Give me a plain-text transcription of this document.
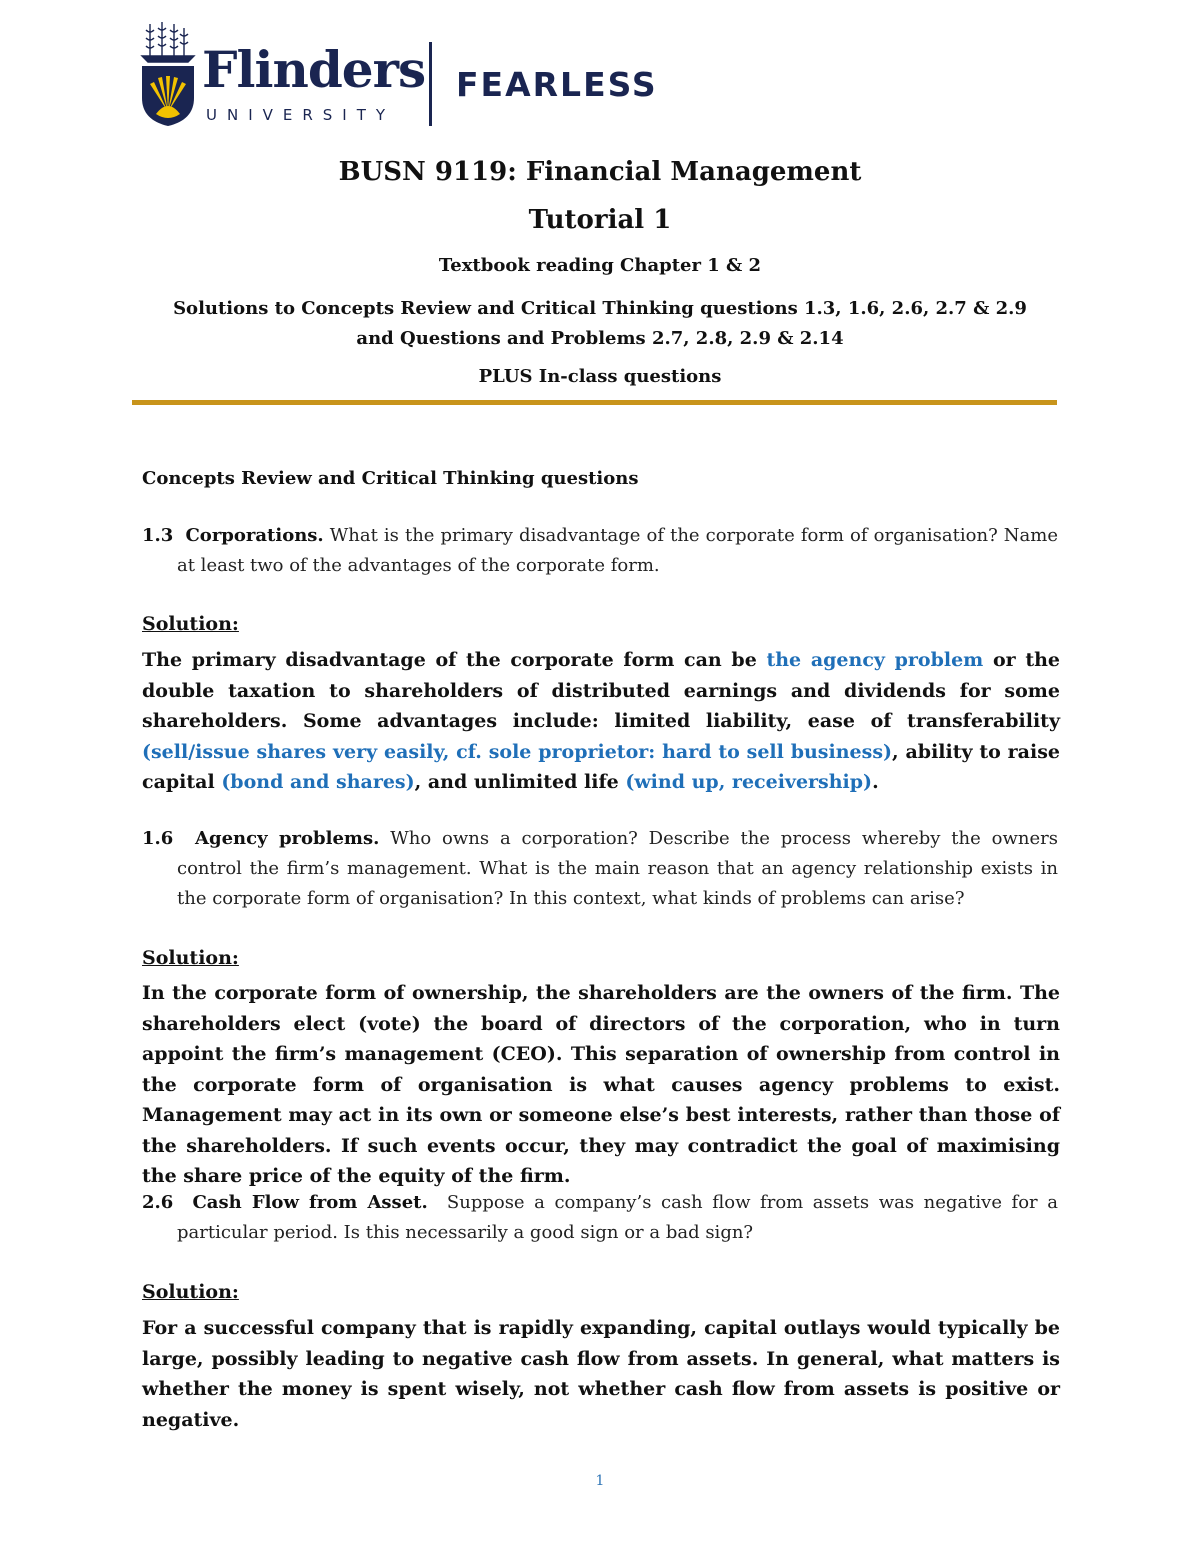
Flinders
UNIVERSITY
FEARLESS
BUSN 9119: Financial Management
Tutorial 1
Textbook reading Chapter 1 & 2
Solutions to Concepts Review and Critical Thinking questions 1.3, 1.6, 2.6, 2.7 & 2.9
and Questions and Problems 2.7, 2.8, 2.9 & 2.14
PLUS In-class questions
Concepts Review and Critical Thinking questions
1.3 Corporations. What is the primary disadvantage of the corporate form of organisation? Name at least two of the advantages of the corporate form.
Solution:
The primary disadvantage of the corporate form can be the agency problem or the double taxation to shareholders of distributed earnings and dividends for some shareholders. Some advantages include: limited liability, ease of transferability (sell/issue shares very easily, cf. sole proprietor: hard to sell business), ability to raise capital (bond and shares), and unlimited life (wind up, receivership).
1.6 Agency problems. Who owns a corporation? Describe the process whereby the owners control the firm’s management. What is the main reason that an agency relationship exists in the corporate form of organisation? In this context, what kinds of problems can arise?
Solution:
In the corporate form of ownership, the shareholders are the owners of the firm. The shareholders elect (vote) the board of directors of the corporation, who in turn appoint the firm’s management (CEO). This separation of ownership from control in the corporate form of organisation is what causes agency problems to exist. Management may act in its own or someone else’s best interests, rather than those of the shareholders. If such events occur, they may contradict the goal of maximising the share price of the equity of the firm.
2.6 Cash Flow from Asset. Suppose a company’s cash flow from assets was negative for a particular period. Is this necessarily a good sign or a bad sign?
Solution:
For a successful company that is rapidly expanding, capital outlays would typically be large, possibly leading to negative cash flow from assets. In general, what matters is whether the money is spent wisely, not whether cash flow from assets is positive or negative.
1
